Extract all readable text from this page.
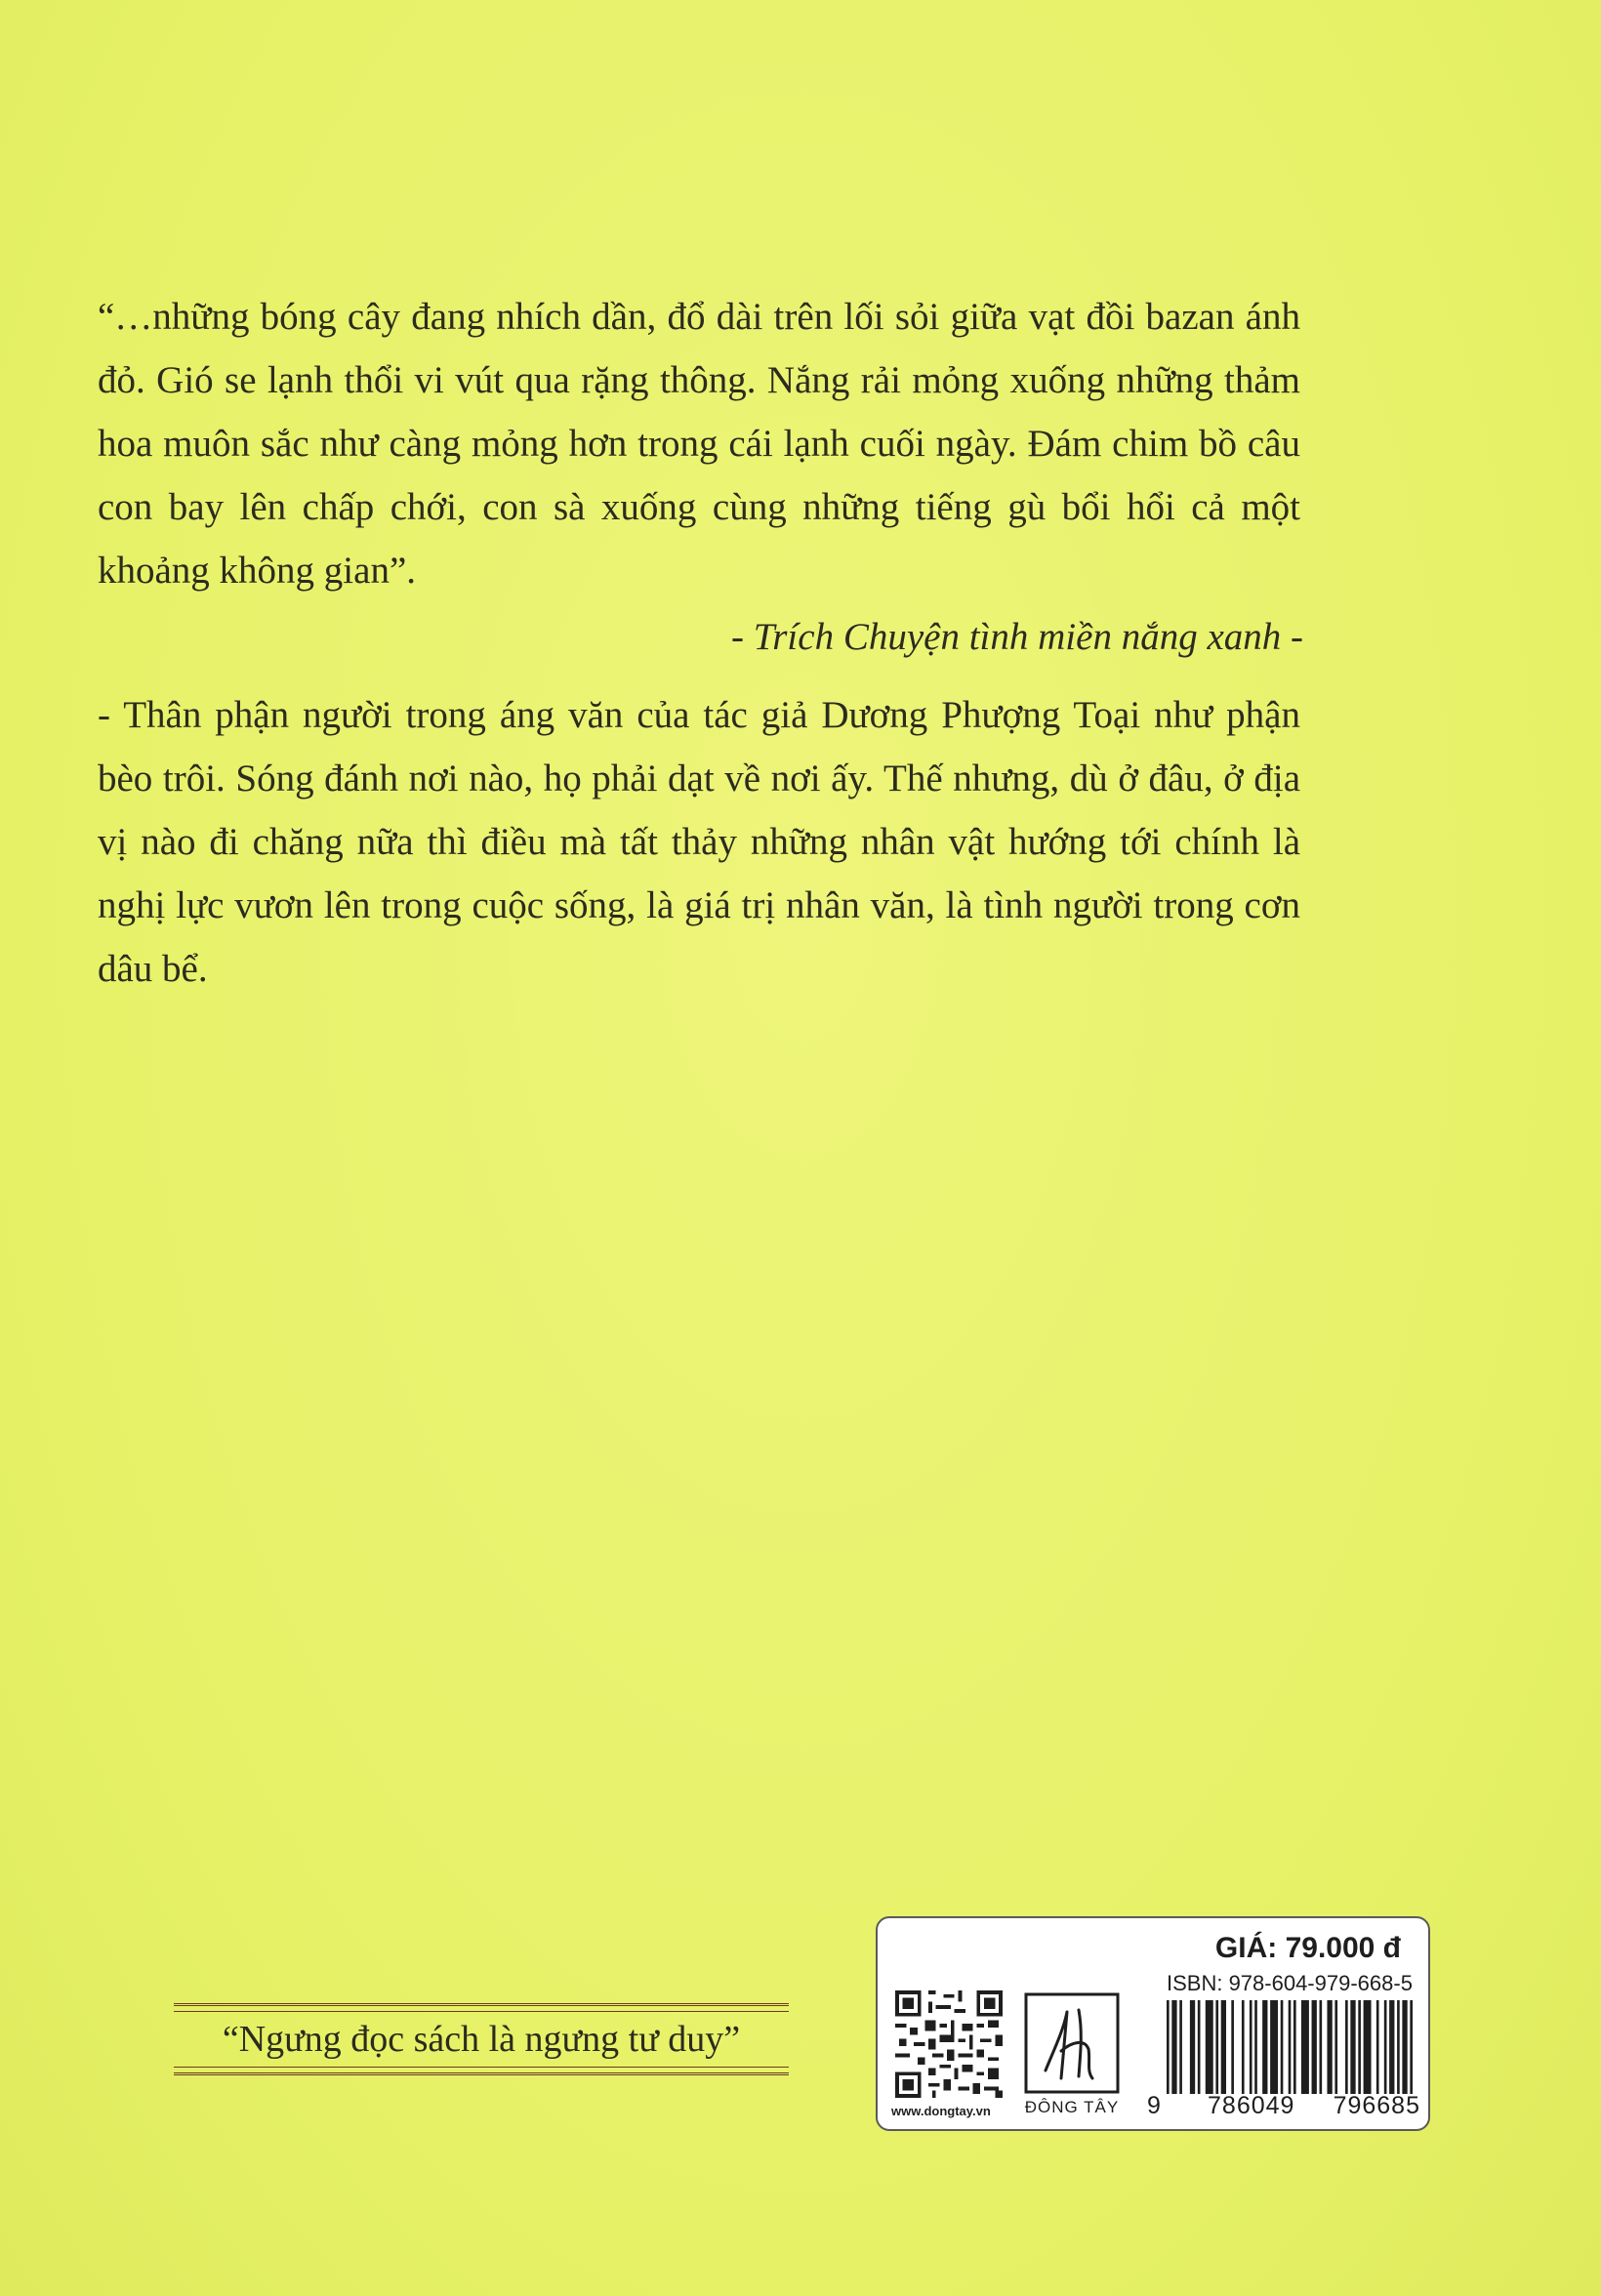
“…những bóng cây đang nhích dần, đổ dài trên lối sỏi giữa vạt đồi bazan ánh đỏ. Gió se lạnh thổi vi vút qua rặng thông. Nắng rải mỏng xuống những thảm hoa muôn sắc như càng mỏng hơn trong cái lạnh cuối ngày. Đám chim bồ câu con bay lên chấp chới, con sà xuống cùng những tiếng gù bổi hổi cả một khoảng không gian”.

- Trích Chuyện tình miền nắng xanh -

- Thân phận người trong áng văn của tác giả Dương Phượng Toại như phận bèo trôi. Sóng đánh nơi nào, họ phải dạt về nơi ấy. Thế nhưng, dù ở đâu, ở địa vị nào đi chăng nữa thì điều mà tất thảy những nhân vật hướng tới chính là nghị lực vươn lên trong cuộc sống, là giá trị nhân văn, là tình người trong cơn dâu bể.

“Ngưng đọc sách là ngưng tư duy”
GIÁ: 79.000 đ
www.dongtay.vn ĐÔNG TÂY
ISBN: 978-604-979-668-5
9 786049 796685
